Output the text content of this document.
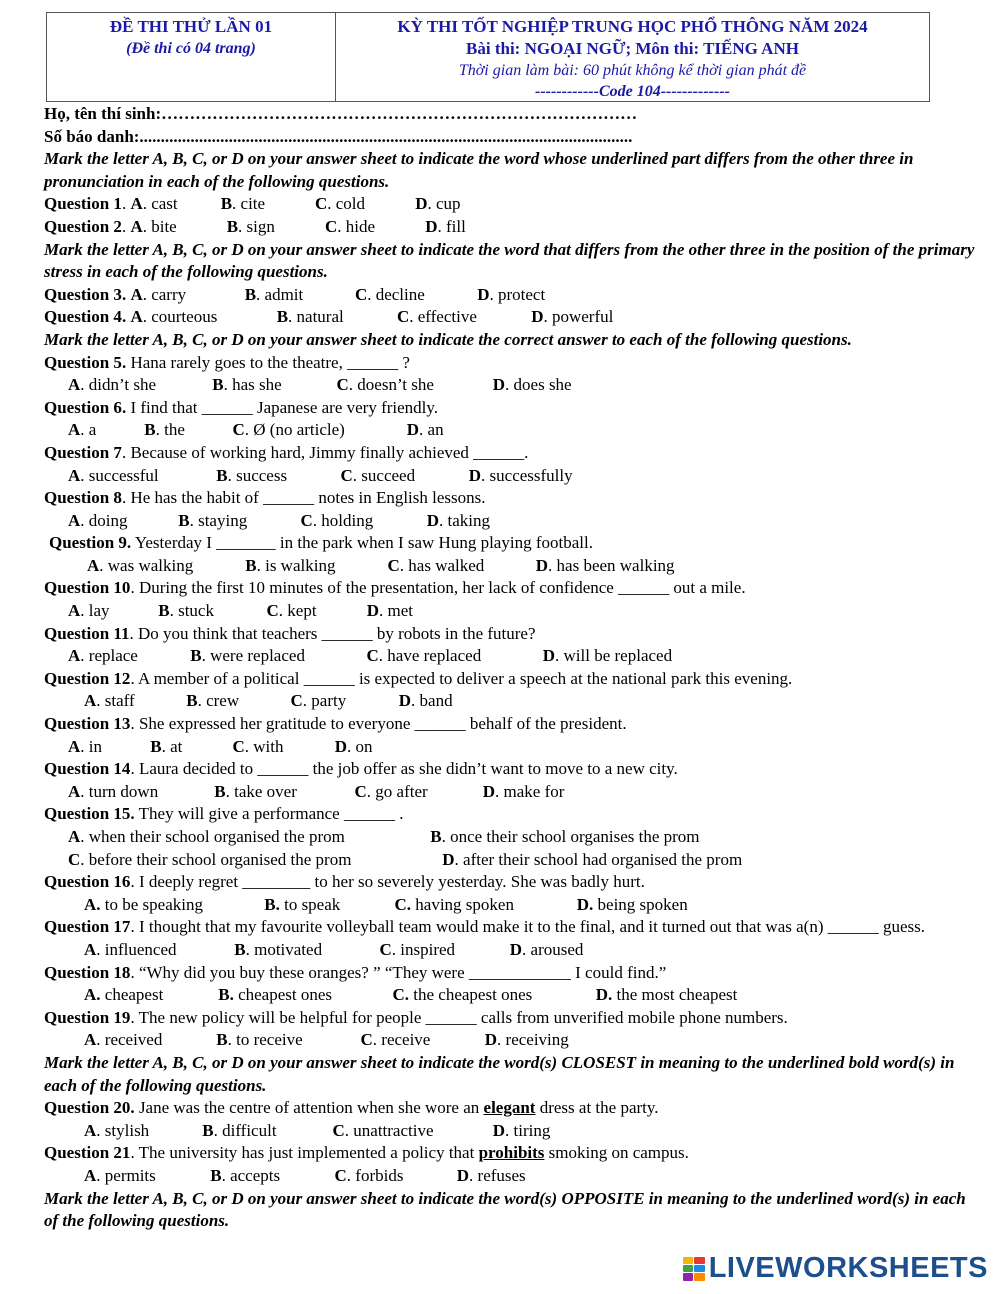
ĐỀ THI THỬ LẦN 01
(Đề thi có 04 trang)
KỲ THI TỐT NGHIỆP TRUNG HỌC PHỔ THÔNG NĂM 2024
Bài thi: NGOẠI NGỮ; Môn thi: TIẾNG ANH
Thời gian làm bài: 60 phút không kể thời gian phát đề
------------Code 104-------------
Họ, tên thí sinh:…………………………………………………………………………
Số báo danh:....................................................................................................................
Mark the letter A, B, C, or D on your answer sheet to indicate the word whose underlined part differs from the other three in pronunciation in each of the following questions.
Question 1. A. cast	B. cite	C. cold	D. cup
Question 2. A. bite	B. sign	C. hide	D. fill
Mark the letter A, B, C, or D on your answer sheet to indicate the word that differs from the other three in the position of the primary stress in each of the following questions.
Question 3. A. carry	B. admit	C. decline	D. protect
Question 4. A. courteous	B. natural	C. effective	D. powerful
Mark the letter A, B, C, or D on your answer sheet to indicate the correct answer to each of the following questions.
Question 5. Hana rarely goes to the theatre, ______ ?
A. didn’t she	B. has she	C. doesn’t she	D. does she
Question 6. I find that ______ Japanese are very friendly.
A. a	B. the	C. Ø (no article)	D. an
Question 7. Because of working hard, Jimmy finally achieved ______.
A. successful	B. success	C. succeed	D. successfully
Question 8. He has the habit of ______ notes in English lessons.
A. doing	B. staying	C. holding	D. taking
Question 9. Yesterday I _______ in the park when I saw Hung playing football.
A. was walking	B. is walking	C. has walked	D. has been walking
Question 10. During the first 10 minutes of the presentation, her lack of confidence ______ out a mile.
A. lay	B. stuck	C. kept	D. met
Question 11. Do you think that teachers ______ by robots in the future?
A. replace	B. were replaced	C. have replaced	D. will be replaced
Question 12. A member of a political ______ is expected to deliver a speech at the national park this evening.
A. staff	B. crew	C. party	D. band
Question 13. She expressed her gratitude to everyone ______ behalf of the president.
A. in	B. at	C. with	D. on
Question 14. Laura decided to ______ the job offer as she didn’t want to move to a new city.
A. turn down	B. take over	C. go after	D. make for
Question 15. They will give a performance ______ .
A. when their school organised the prom	B. once their school organises the prom
C. before their school organised the prom	D. after their school had organised the prom
Question 16. I deeply regret ________ to her so severely yesterday. She was badly hurt.
A. to be speaking	B. to speak	C. having spoken	D. being spoken
Question 17. I thought that my favourite volleyball team would make it to the final, and it turned out that was a(n) ______ guess.
A. influenced	B. motivated	C. inspired	D. aroused
Question 18. “Why did you buy these oranges? ” “They were ____________ I could find.”
A. cheapest	B. cheapest ones	C. the cheapest ones	D. the most cheapest
Question 19. The new policy will be helpful for people ______ calls from unverified mobile phone numbers.
A. received	B. to receive	C. receive	D. receiving
Mark the letter A, B, C, or D on your answer sheet to indicate the word(s) CLOSEST in meaning to the underlined bold word(s) in each of the following questions.
Question 20. Jane was the centre of attention when she wore an elegant dress at the party.
A. stylish	B. difficult	C. unattractive	D. tiring
Question 21. The university has just implemented a policy that prohibits smoking on campus.
A. permits	B. accepts	C. forbids	D. refuses
Mark the letter A, B, C, or D on your answer sheet to indicate the word(s) OPPOSITE in meaning to the underlined word(s) in each of the following questions.
LIVEWORKSHEETS
